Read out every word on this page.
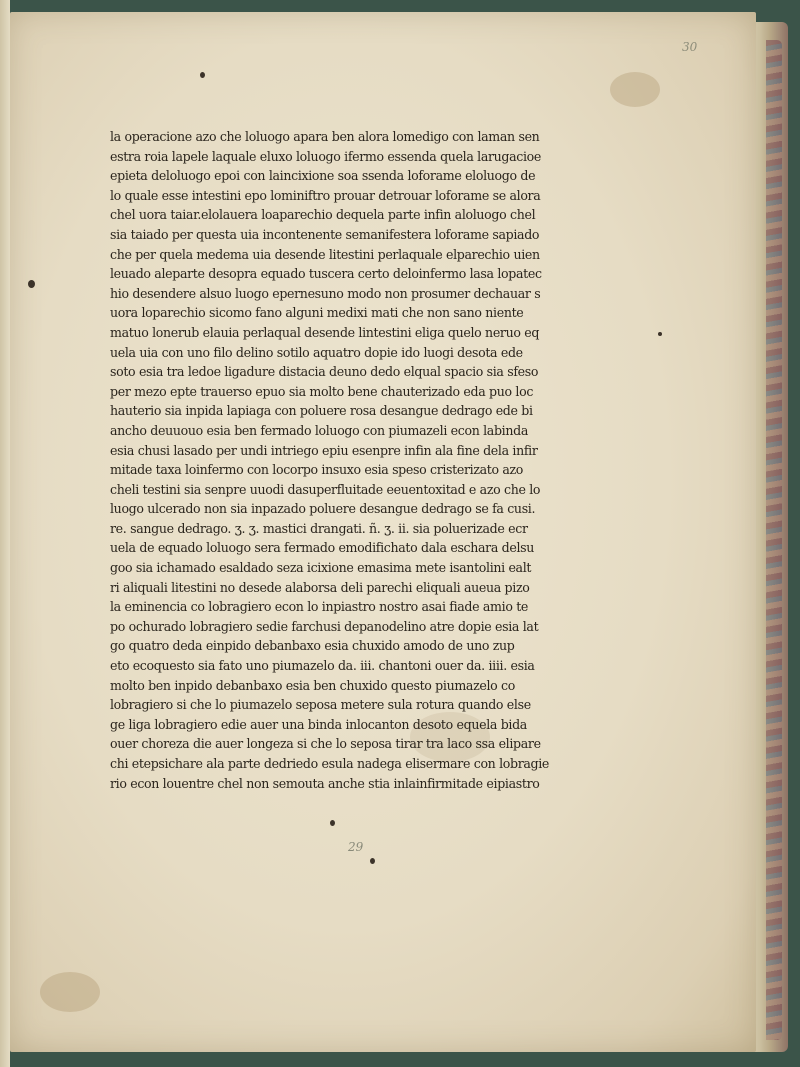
30
la operacione azo che loluogo apara ben alora lomedigo con laman sen
estra roia lapele laquale eluxo loluogo ifermo essenda quela larugacioe
epieta deloluogo epoi con laincixione soa ssenda loforame eloluogo de
lo quale esse intestini epo lominiftro prouar detrouar loforame se alora
chel uora taiar.elolauera loaparechio dequela parte infin aloluogo chel
sia taiado per questa uia incontenente semanifestera loforame sapiado
che per quela medema uia desende litestini perlaquale elparechio uien
leuado aleparte desopra equado tuscera certo deloinfermo lasa lopatec
hio desendere alsuo luogo epernesuno modo non prosumer dechauar s
uora loparechio sicomo fano alguni medixi mati che non sano niente
matuo lonerub elauia perlaqual desende lintestini eliga quelo neruo eq
uela uia con uno filo delino sotilo aquatro dopie ido luogi desota ede
soto esia tra ledoe ligadure distacia deuno dedo elqual spacio sia sfeso
per mezo epte trauerso epuo sia molto bene chauterizado eda puo loc
hauterio sia inpida lapiaga con poluere rosa desangue dedrago ede bi
ancho deuuouo esia ben fermado loluogo con piumazeli econ labinda
esia chusi lasado per undi intriego epiu esenpre infin ala fine dela infir
mitade taxa loinfermo con locorpo insuxo esia speso cristerizato azo
cheli testini sia senpre uuodi dasuperfluitade eeuentoxitad e azo che lo
luogo ulcerado non sia inpazado poluere desangue dedrago se fa cusi.
re. sangue dedrago. ʒ. ʒ. mastici drangati. ñ. ʒ. ii. sia poluerizade ecr
uela de equado loluogo sera fermado emodifichato dala eschara delsu
goo sia ichamado esaldado seza icixione emasima mete isantolini ealt
ri aliquali litestini no desede alaborsa deli parechi eliquali aueua pizo
la eminencia co lobragiero econ lo inpiastro nostro asai fiade amio te
po ochurado lobragiero sedie farchusi depanodelino atre dopie esia lat
go quatro deda einpido debanbaxo esia chuxido amodo de uno zup
eto ecoquesto sia fato uno piumazelo da. iii. chantoni ouer da. iiii. esia
molto ben inpido debanbaxo esia ben chuxido questo piumazelo co
lobragiero si che lo piumazelo seposa metere sula rotura quando else
ge liga lobragiero edie auer una binda inlocanton desoto equela bida
ouer choreza die auer longeza si che lo seposa tirar tra laco ssa elipare
chi etepsichare ala parte dedriedo esula nadega elisermare con lobragie
rio econ louentre chel non semouta anche stia inlainfirmitade eipiastro
29
